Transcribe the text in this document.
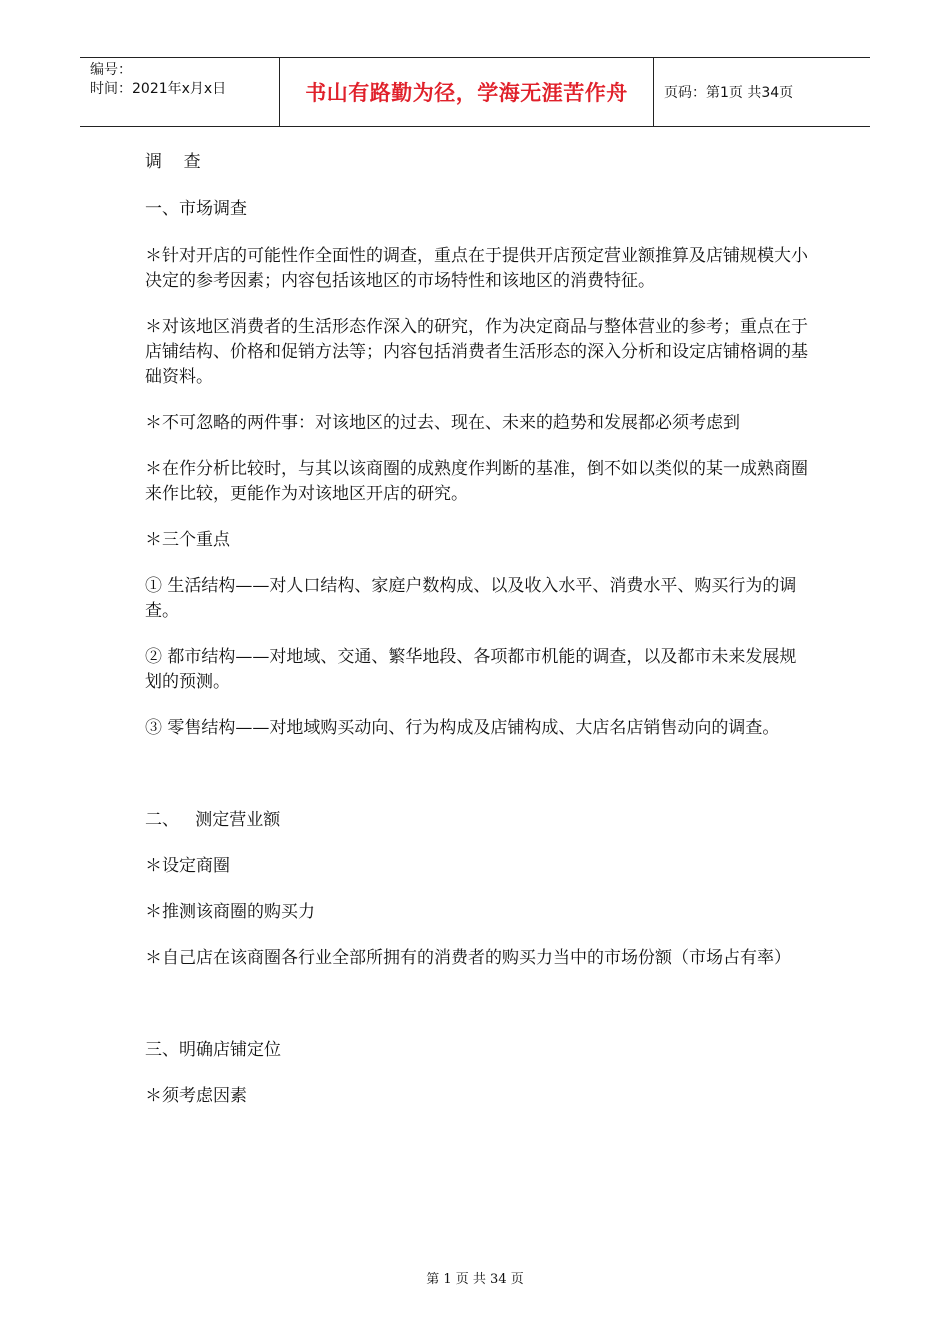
编号：
时间：2021年x月x日	书山有路勤为径，学海无涯苦作舟	页码：第1页 共34页

调    查

一、市场调查

＊针对开店的可能性作全面性的调查，重点在于提供开店预定营业额推算及店铺规模大小决定的参考因素；内容包括该地区的市场特性和该地区的消费特征。

＊对该地区消费者的生活形态作深入的研究，作为决定商品与整体营业的参考；重点在于店铺结构、价格和促销方法等；内容包括消费者生活形态的深入分析和设定店铺格调的基础资料。

＊不可忽略的两件事：对该地区的过去、现在、未来的趋势和发展都必须考虑到

＊在作分析比较时，与其以该商圈的成熟度作判断的基准，倒不如以类似的某一成熟商圈来作比较，更能作为对该地区开店的研究。

＊三个重点

① 生活结构——对人口结构、家庭户数构成、以及收入水平、消费水平、购买行为的调查。

② 都市结构——对地域、交通、繁华地段、各项都市机能的调查，以及都市未来发展规划的预测。

③ 零售结构——对地域购买动向、行为构成及店铺构成、大店名店销售动向的调查。

二、   测定营业额

＊设定商圈

＊推测该商圈的购买力

＊自己店在该商圈各行业全部所拥有的消费者的购买力当中的市场份额（市场占有率）

三、明确店铺定位

＊须考虑因素

第 1 页 共 34 页
